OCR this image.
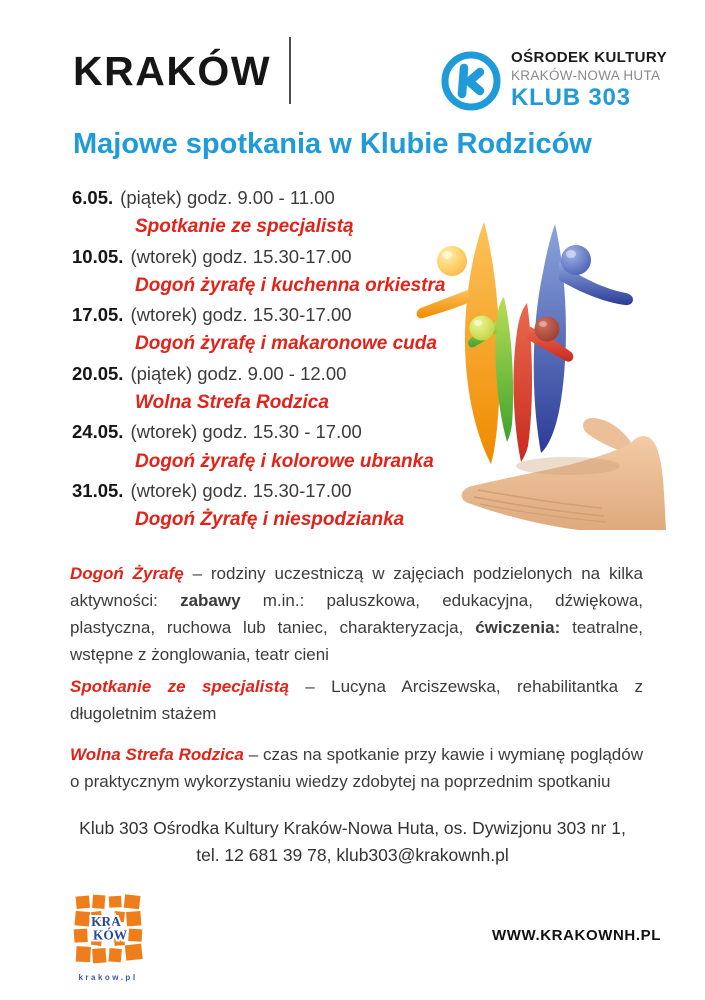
KRAKÓW	OŚRODEK KULTURY
KRAKÓW-NOWA HUTA
KLUB 303
Majowe spotkania w Klubie Rodziców
6.05. (piątek) godz. 9.00 - 11.00
Spotkanie ze specjalistą
10.05. (wtorek) godz. 15.30-17.00
Dogoń żyrafę i kuchenna orkiestra
17.05. (wtorek) godz. 15.30-17.00
Dogoń żyrafę i makaronowe cuda
20.05. (piątek) godz. 9.00 - 12.00
Wolna Strefa Rodzica
24.05. (wtorek) godz. 15.30 - 17.00
Dogoń żyrafę i kolorowe ubranka
31.05. (wtorek) godz. 15.30-17.00
Dogoń Żyrafę i niespodzianka

Dogoń Żyrafę – rodziny uczestniczą w zajęciach podzielonych na kilka aktywności: zabawy m.in.: paluszkowa, edukacyjna, dźwiękowa, plastyczna, ruchowa lub taniec, charakteryzacja, ćwiczenia: teatralne, wstępne z żonglowania, teatr cieni

Spotkanie ze specjalistą – Lucyna Arciszewska, rehabilitantka z długoletnim stażem

Wolna Strefa Rodzica – czas na spotkanie przy kawie i wymianę poglądów o praktycznym wykorzystaniu wiedzy zdobytej na poprzednim spotkaniu

Klub 303 Ośrodka Kultury Kraków-Nowa Huta, os. Dywizjonu 303 nr 1,
tel. 12 681 39 78, klub303@krakownh.pl
KRA
KÓW
krakow.pl
WWW.KRAKOWNH.PL
